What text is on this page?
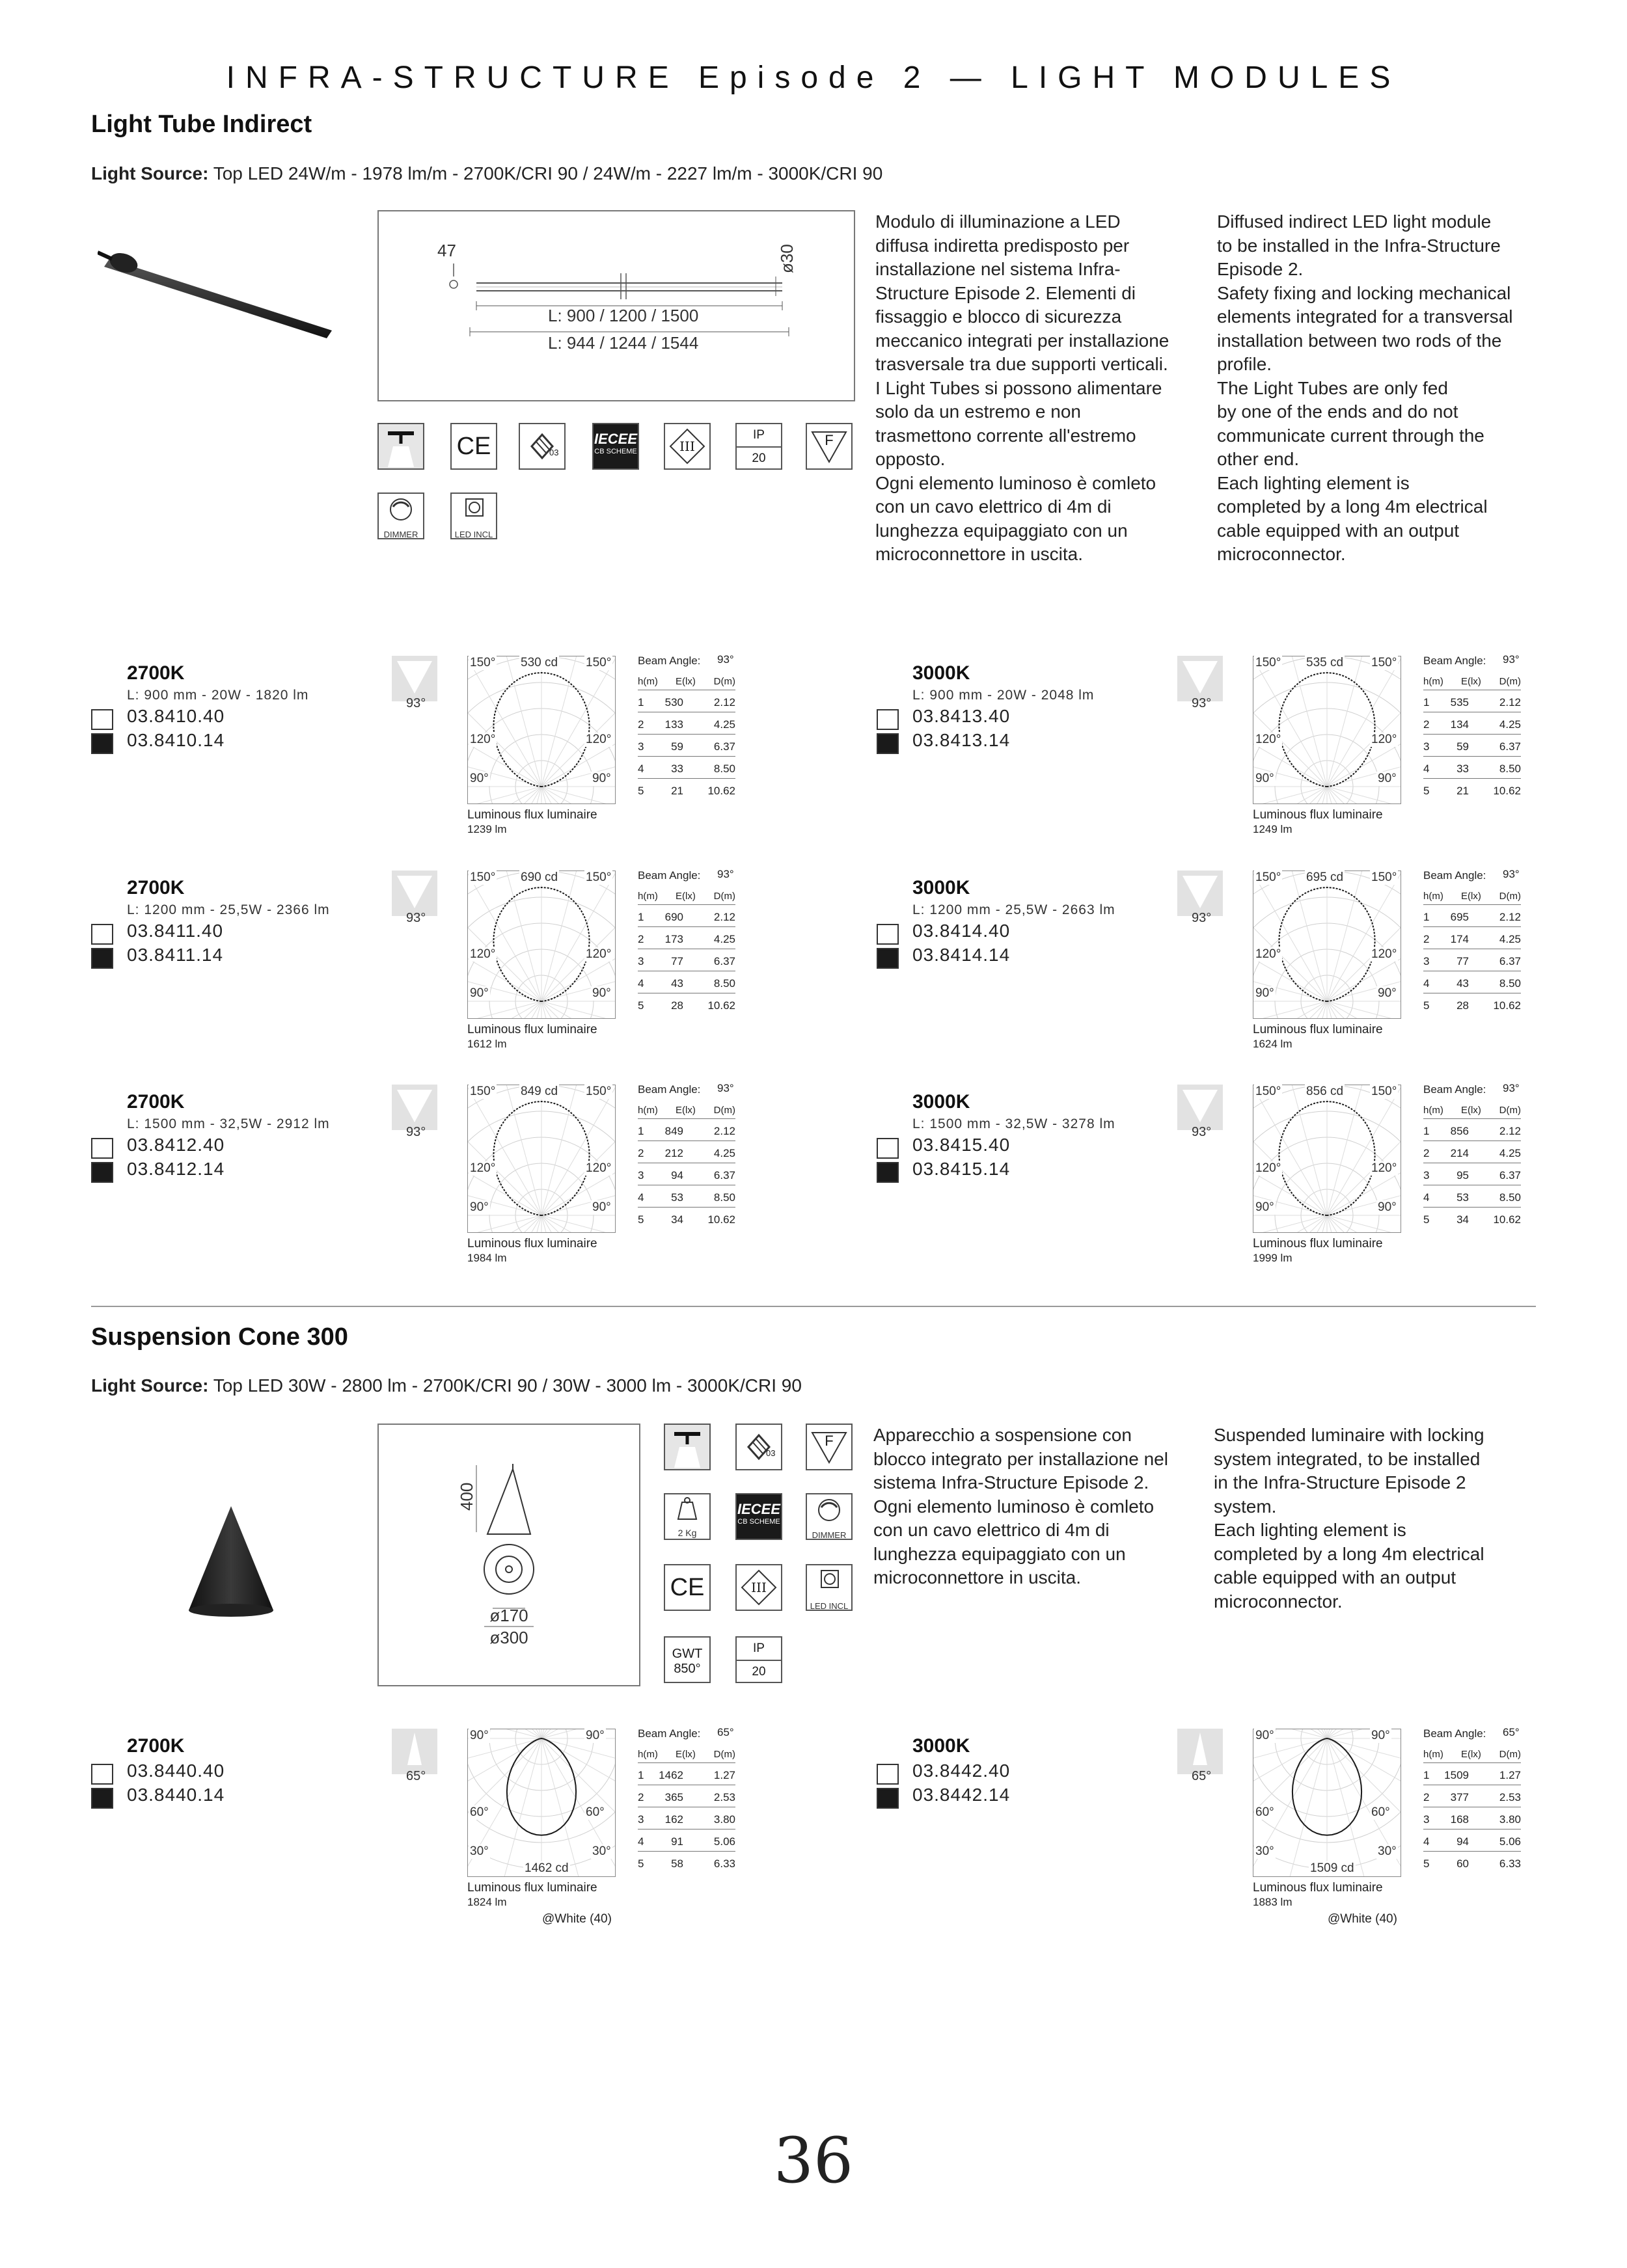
INFRA-STRUCTURE Episode 2 — LIGHT MODULES
Light Tube Indirect
Light Source: Top LED 24W/m - 1978 lm/m - 2700K/CRI 90 / 24W/m - 2227 lm/m - 3000K/CRI 90
47	ø30
L: 900 / 1200 / 1500
L: 944 / 1244 / 1544
CE	03
IECEE
CB SCHEME	III
IP
20
F
DIMMER	LED INCL
Modulo di illuminazione a LED
diffusa indiretta predisposto per
installazione nel sistema Infra-
Structure Episode 2. Elementi di
fissaggio e blocco di sicurezza
meccanico integrati per installazione
trasversale tra due supporti verticali.
I Light Tubes si possono alimentare
solo da un estremo e non
trasmettono corrente all'estremo
opposto.
Ogni elemento luminoso è comleto
con un cavo elettrico di 4m di
lunghezza equipaggiato con un
microconnettore in uscita.
Diffused indirect LED light module
to be installed in the Infra-Structure
Episode 2.
Safety fixing and locking mechanical
elements integrated for a transversal
installation between two rods of the
profile.
The Light Tubes are only fed
by one of the ends and do not
communicate current through the
other end.
Each lighting element is
completed by a long 4m electrical
cable equipped with an output
microconnector.
Suspension Cone 300
Light Source: Top LED 30W - 2800 lm - 2700K/CRI 90 / 30W - 3000 lm - 3000K/CRI 90
400
ø170
ø300
03
F
2 Kg
IECEE
CB SCHEME
DIMMER
CE	III
LED INCL
GWT
850°
IP
20
Apparecchio a sospensione con
blocco integrato per installazione nel
sistema Infra-Structure Episode 2.
Ogni elemento luminoso è comleto
con un cavo elettrico di 4m di
lunghezza equipaggiato con un
microconnettore in uscita.
Suspended luminaire with locking
system integrated, to be installed
in the Infra-Structure Episode 2
system.
Each lighting element is
completed by a long 4m electrical
cable equipped with an output
microconnector.
2700K
L: 900 mm - 20W - 1820 lm
03.8410.40
03.8410.14
93°
150°	150°
120°	120°
90°	90°
530 cd
Luminous flux luminaire
1239 lm
Beam Angle: 93°
h(m) E(lx) D(m)
1 530	2.12
2 133	4.25
3 59	6.37
4 33	8.50
5 21 10.62
3000K
L: 900 mm - 20W - 2048 lm
03.8413.40
03.8413.14
93°
150°	150°
120°	120°
90°	90°
535 cd
Luminous flux luminaire
1249 lm
Beam Angle: 93°
h(m) E(lx) D(m)
1 535	2.12
2 134	4.25
3 59	6.37
4 33	8.50
5 21 10.62
2700K
L: 1200 mm - 25,5W - 2366 lm
03.8411.40
03.8411.14
93°
150°	150°
120°	120°
90°	90°
690 cd
Luminous flux luminaire
1612 lm
Beam Angle: 93°
h(m) E(lx) D(m)
1 690	2.12
2 173	4.25
3 77	6.37
4 43	8.50
5 28 10.62
3000K
L: 1200 mm - 25,5W - 2663 lm
03.8414.40
03.8414.14
93°
150°	150°
120°	120°
90°	90°
695 cd
Luminous flux luminaire
1624 lm
Beam Angle: 93°
h(m) E(lx) D(m)
1 695	2.12
2 174	4.25
3 77	6.37
4 43	8.50
5 28 10.62
2700K
L: 1500 mm - 32,5W - 2912 lm
03.8412.40
03.8412.14
93°
150°	150°
120°	120°
90°	90°
849 cd
Luminous flux luminaire
1984 lm
Beam Angle: 93°
h(m) E(lx) D(m)
1 849	2.12
2 212	4.25
3 94	6.37
4 53	8.50
5 34 10.62
3000K
L: 1500 mm - 32,5W - 3278 lm
03.8415.40
03.8415.14
93°
150°	150°
120°	120°
90°	90°
856 cd
Luminous flux luminaire
1999 lm
Beam Angle: 93°
h(m) E(lx) D(m)
1 856	2.12
2 214	4.25
3 95	6.37
4 53	8.50
5 34 10.62
2700K
03.8440.40
03.8440.14
65°
90°	90°
60°	60°
30°	30°
1462 cd
Luminous flux luminaire
1824 lm
@White (40)
Beam Angle: 65°
h(m) E(lx) D(m)
1 1462	1.27
2 365	2.53
3 162	3.80
4 91	5.06
5 58	6.33
3000K
03.8442.40
03.8442.14
65°
90°	90°
60°	60°
30°	30°
1509 cd
Luminous flux luminaire
1883 lm
@White (40)
Beam Angle: 65°
h(m) E(lx) D(m)
1 1509	1.27
2 377	2.53
3 168	3.80
4 94	5.06
5 60	6.33
36
